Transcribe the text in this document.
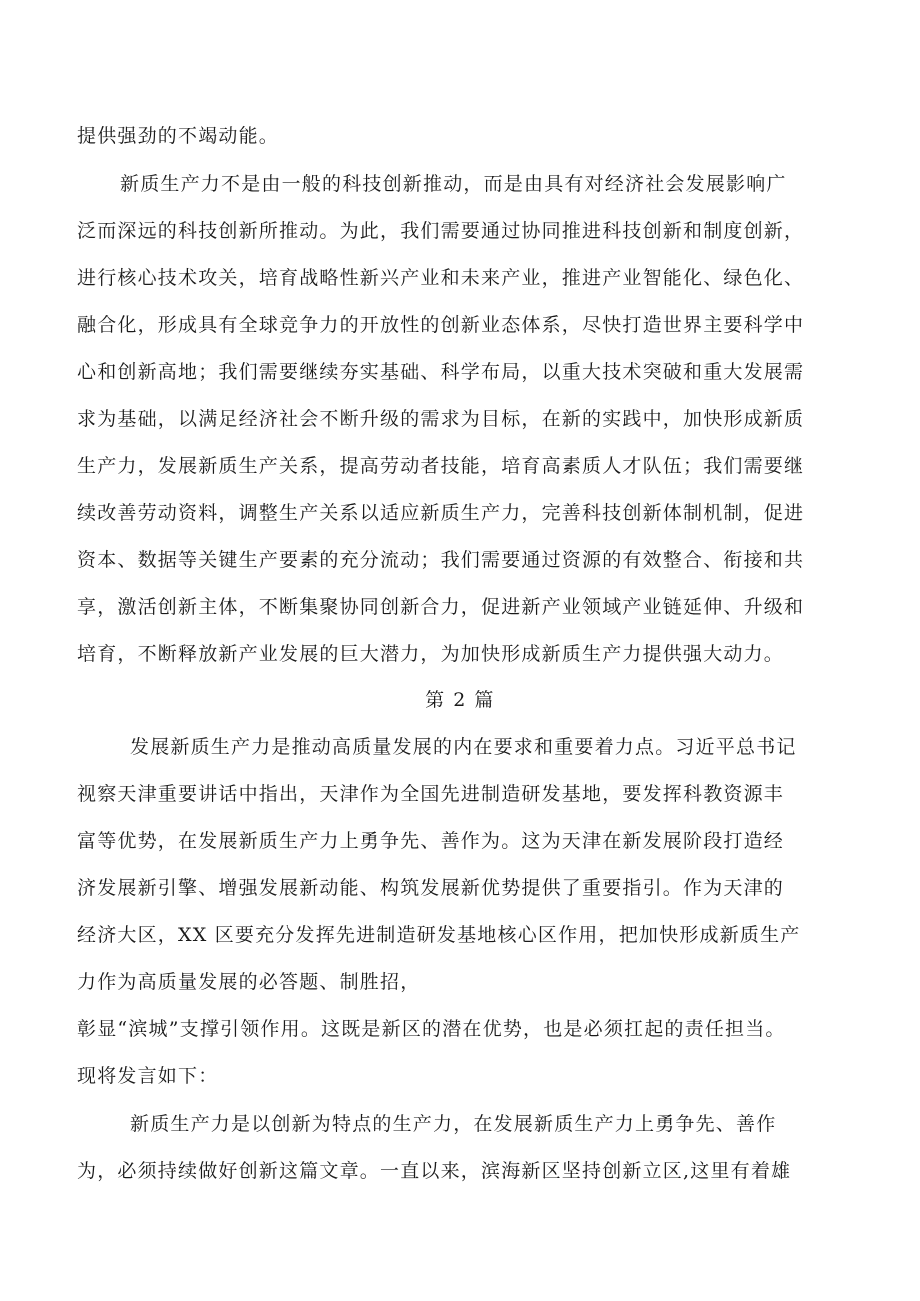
提供强劲的不竭动能。
新质生产力不是由一般的科技创新推动，而是由具有对经济社会发展影响广
泛而深远的科技创新所推动。为此，我们需要通过协同推进科技创新和制度创新，
进行核心技术攻关，培育战略性新兴产业和未来产业，推进产业智能化、绿色化、
融合化，形成具有全球竞争力的开放性的创新业态体系，尽快打造世界主要科学中
心和创新高地；我们需要继续夯实基础、科学布局，以重大技术突破和重大发展需
求为基础，以满足经济社会不断升级的需求为目标，在新的实践中，加快形成新质
生产力，发展新质生产关系，提高劳动者技能，培育高素质人才队伍；我们需要继
续改善劳动资料，调整生产关系以适应新质生产力，完善科技创新体制机制，促进
资本、数据等关键生产要素的充分流动；我们需要通过资源的有效整合、衔接和共
享，激活创新主体，不断集聚协同创新合力，促进新产业领域产业链延伸、升级和
培育，不断释放新产业发展的巨大潜力，为加快形成新质生产力提供强大动力。
第 2 篇
发展新质生产力是推动高质量发展的内在要求和重要着力点。习近平总书记
视察天津重要讲话中指出，天津作为全国先进制造研发基地，要发挥科教资源丰
富等优势，在发展新质生产力上勇争先、善作为。这为天津在新发展阶段打造经
济发展新引擎、增强发展新动能、构筑发展新优势提供了重要指引。作为天津的
经济大区，XX 区要充分发挥先进制造研发基地核心区作用，把加快形成新质生产
力作为高质量发展的必答题、制胜招，
彰显“滨城”支撑引领作用。这既是新区的潜在优势，也是必须扛起的责任担当。
现将发言如下：
新质生产力是以创新为特点的生产力，在发展新质生产力上勇争先、善作
为，必须持续做好创新这篇文章。一直以来，滨海新区坚持创新立区,这里有着雄
